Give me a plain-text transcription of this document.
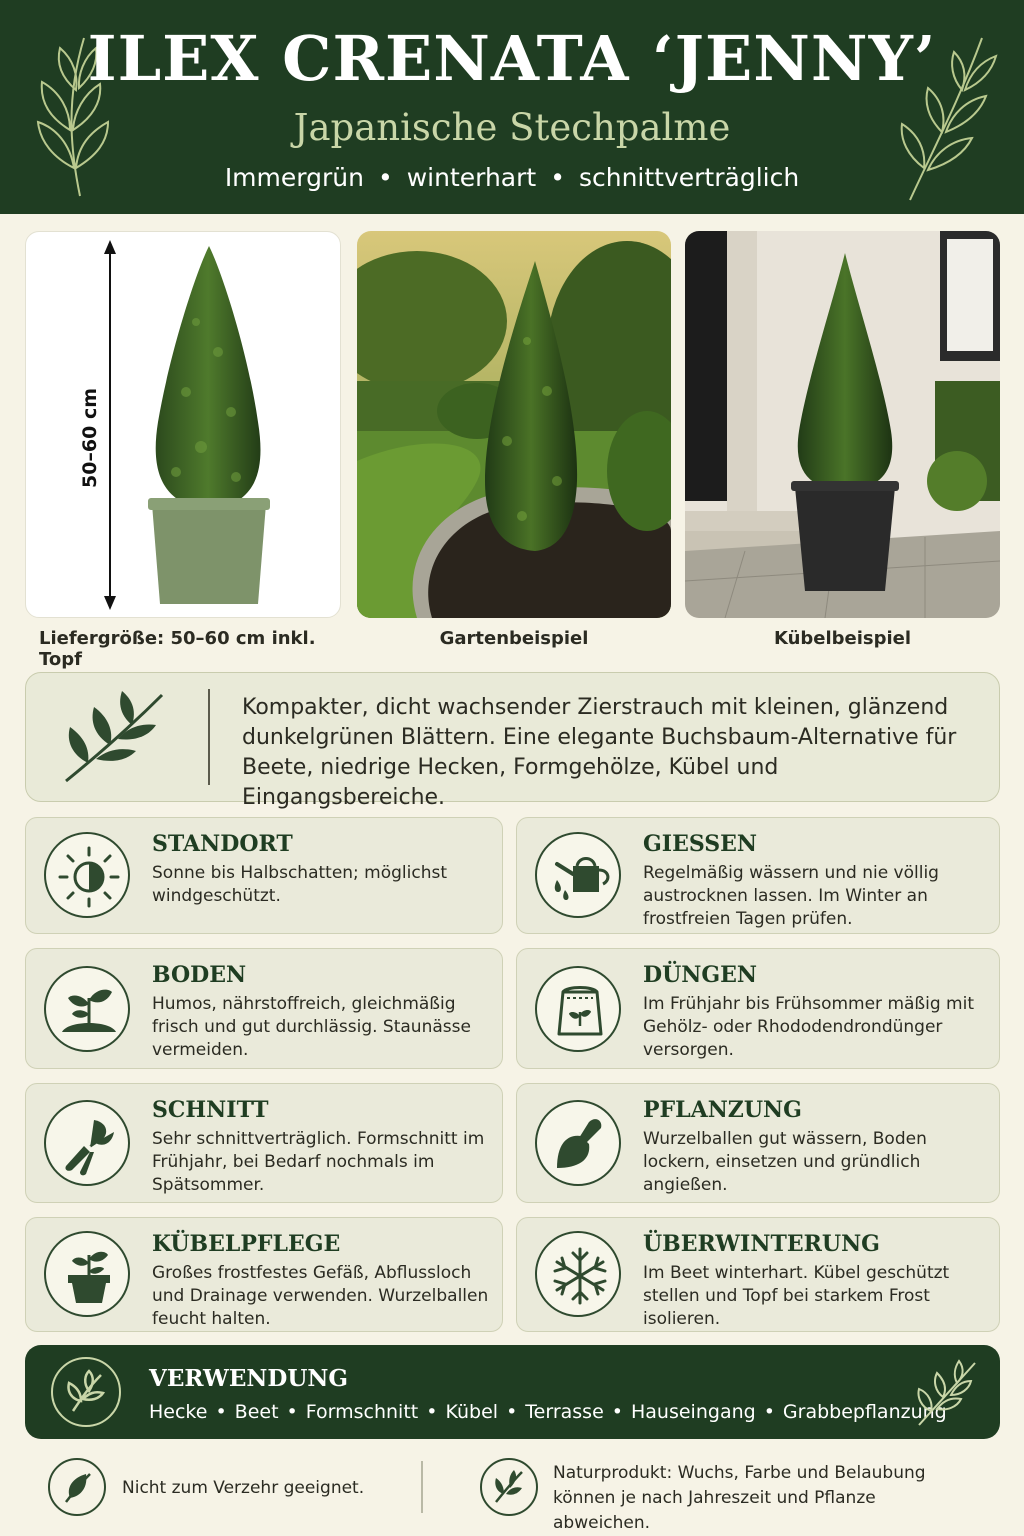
ILEX CRENATA ‘JENNY’
Japanische Stechpalme
Immergrün • winterhart • schnittverträglich
50–60 cm
Liefergröße: 50–60 cm inkl. Topf
Gartenbeispiel	Kübelbeispiel
Kompakter, dicht wachsender Zierstrauch mit kleinen, glänzend dunkelgrünen Blättern. Eine elegante Buchsbaum-Alternative für Beete, niedrige Hecken, Formgehölze, Kübel und Eingangsbereiche.
STANDORT
Sonne bis Halbschatten; möglichst windgeschützt.
GIESSEN
Regelmäßig wässern und nie völlig austrocknen lassen. Im Winter an frostfreien Tagen prüfen.
BODEN
Humos, nährstoffreich, gleichmäßig frisch und gut durchlässig. Staunässe vermeiden.
DÜNGEN
Im Frühjahr bis Frühsommer mäßig mit Gehölz- oder Rhododendrondünger versorgen.
SCHNITT
Sehr schnittverträglich. Formschnitt im Frühjahr, bei Bedarf nochmals im Spätsommer.
PFLANZUNG
Wurzelballen gut wässern, Boden lockern, einsetzen und gründlich angießen.
KÜBELPFLEGE
Großes frostfestes Gefäß, Abflussloch und Drainage verwenden. Wurzelballen feucht halten.
ÜBERWINTERUNG
Im Beet winterhart. Kübel geschützt stellen und Topf bei starkem Frost isolieren.
VERWENDUNG
Hecke • Beet • Formschnitt • Kübel • Terrasse • Hauseingang • Grabbepflanzung
Nicht zum Verzehr geeignet.
Naturprodukt: Wuchs, Farbe und Belaubung können je nach Jahreszeit und Pflanze abweichen.
